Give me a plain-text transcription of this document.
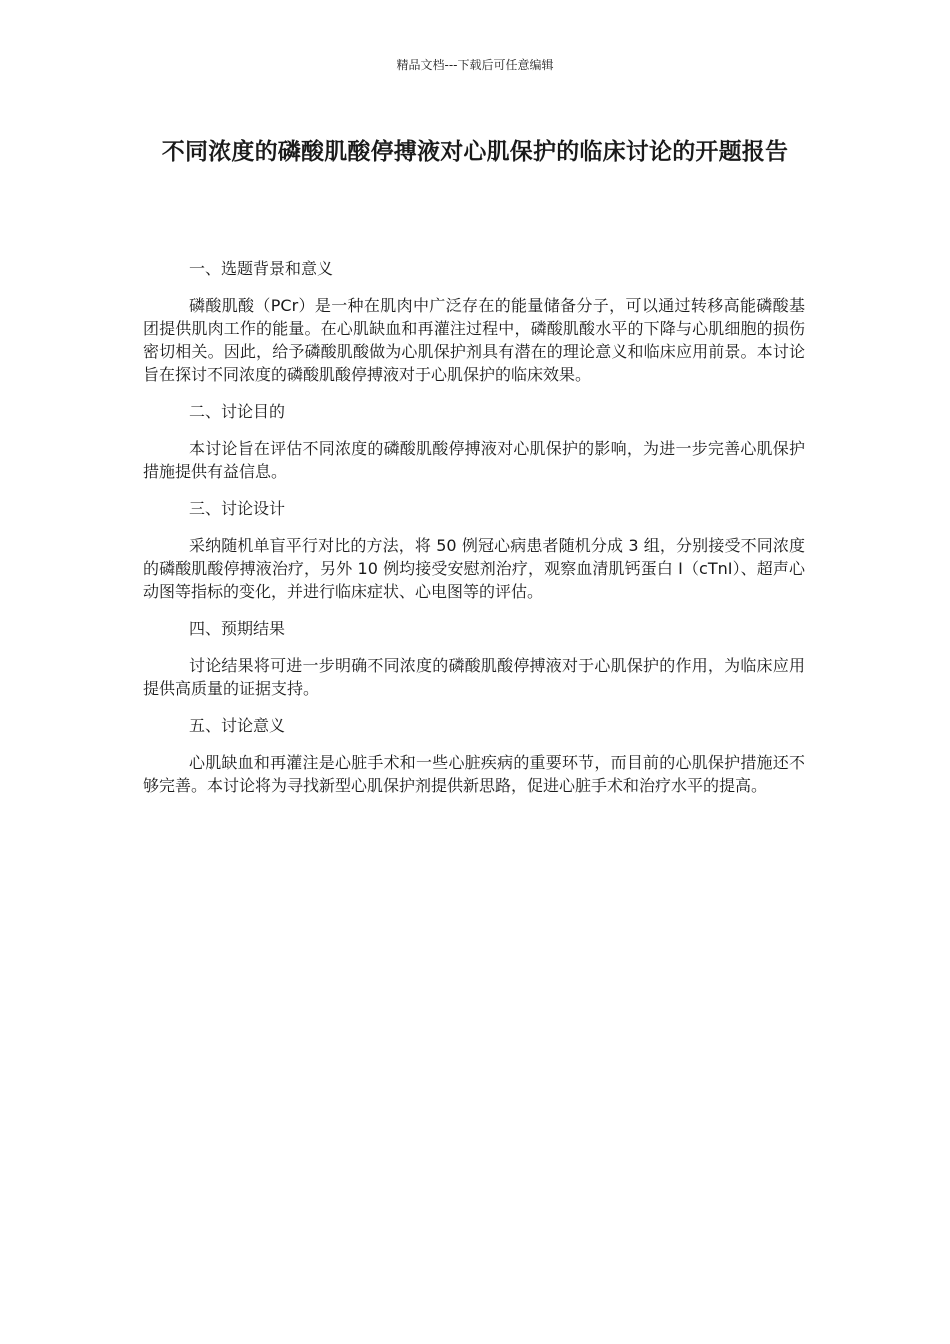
精品文档---下载后可任意编辑
不同浓度的磷酸肌酸停搏液对心肌保护的临床讨论的开题报告

一、选题背景和意义

磷酸肌酸（PCr）是一种在肌肉中广泛存在的能量储备分子，可以通过转移高能磷酸基团提供肌肉工作的能量。在心肌缺血和再灌注过程中，磷酸肌酸水平的下降与心肌细胞的损伤密切相关。因此，给予磷酸肌酸做为心肌保护剂具有潜在的理论意义和临床应用前景。本讨论旨在探讨不同浓度的磷酸肌酸停搏液对于心肌保护的临床效果。

二、讨论目的

本讨论旨在评估不同浓度的磷酸肌酸停搏液对心肌保护的影响，为进一步完善心肌保护措施提供有益信息。

三、讨论设计

采纳随机单盲平行对比的方法，将 50 例冠心病患者随机分成 3 组，分别接受不同浓度的磷酸肌酸停搏液治疗，另外 10 例均接受安慰剂治疗，观察血清肌钙蛋白 I（cTnI）、超声心动图等指标的变化，并进行临床症状、心电图等的评估。

四、预期结果

讨论结果将可进一步明确不同浓度的磷酸肌酸停搏液对于心肌保护的作用，为临床应用提供高质量的证据支持。

五、讨论意义

心肌缺血和再灌注是心脏手术和一些心脏疾病的重要环节，而目前的心肌保护措施还不够完善。本讨论将为寻找新型心肌保护剂提供新思路，促进心脏手术和治疗水平的提高。
